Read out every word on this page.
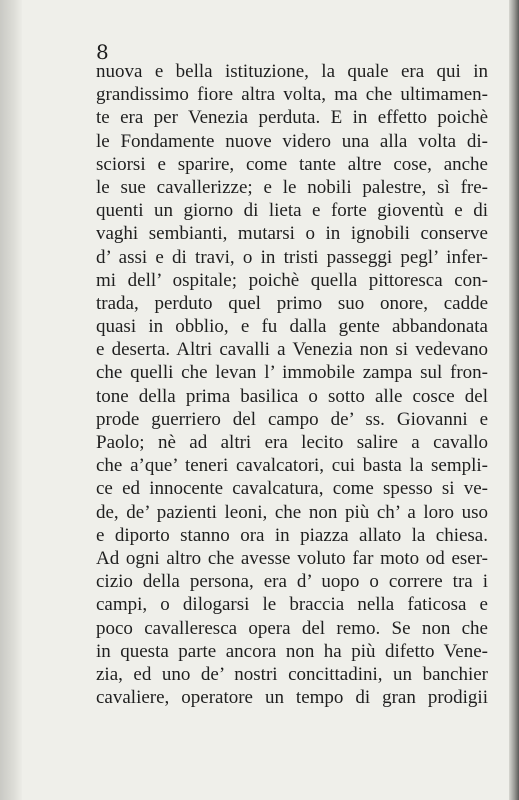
8
nuova e bella istituzione, la quale era qui in
grandissimo fiore altra volta, ma che ultimamen-
te era per Venezia perduta. E in effetto poichè
le Fondamente nuove videro una alla volta di-
sciorsi e sparire, come tante altre cose, anche
le sue cavallerizze; e le nobili palestre, sì fre-
quenti un giorno di lieta e forte gioventù e di
vaghi sembianti, mutarsi o in ignobili conserve
d’ assi e di travi, o in tristi passeggi pegl’ infer-
mi dell’ ospitale; poichè quella pittoresca con-
trada, perduto quel primo suo onore, cadde
quasi in obblio, e fu dalla gente abbandonata
e deserta. Altri cavalli a Venezia non si vedevano
che quelli che levan l’ immobile zampa sul fron-
tone della prima basilica o sotto alle cosce del
prode guerriero del campo de’ ss. Giovanni e
Paolo; nè ad altri era lecito salire a cavallo
che a’que’ teneri cavalcatori, cui basta la sempli-
ce ed innocente cavalcatura, come spesso si ve-
de, de’ pazienti leoni, che non più ch’ a loro uso
e diporto stanno ora in piazza allato la chiesa.
Ad ogni altro che avesse voluto far moto od eser-
cizio della persona, era d’ uopo o correre tra i
campi, o dilogarsi le braccia nella faticosa e
poco cavalleresca opera del remo. Se non che
in questa parte ancora non ha più difetto Vene-
zia, ed uno de’ nostri concittadini, un banchier
cavaliere, operatore un tempo di gran prodigii
